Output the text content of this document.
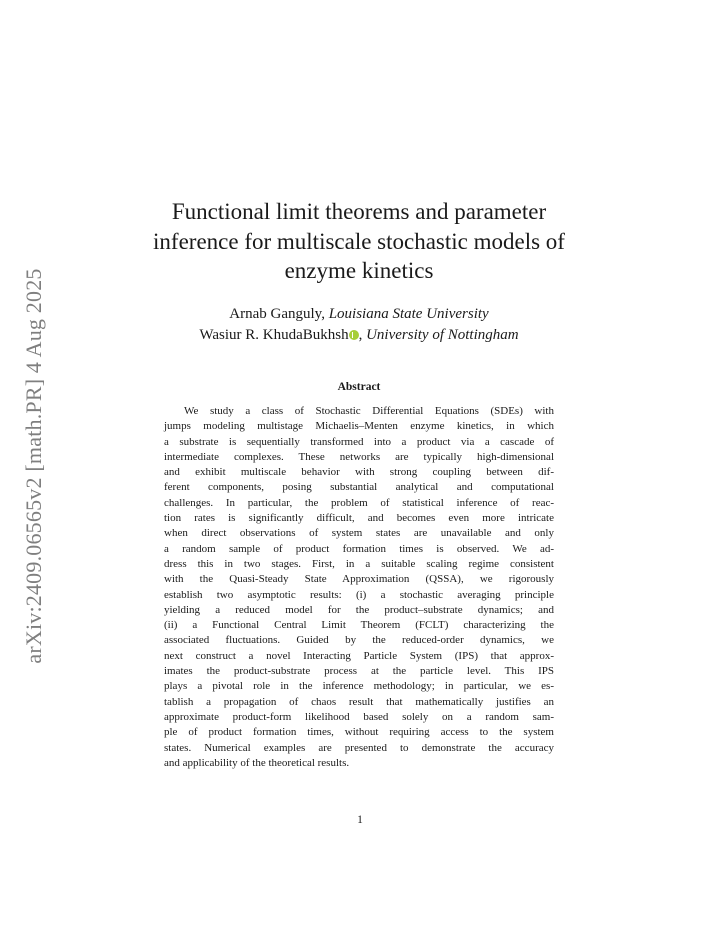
arXiv:2409.06565v2 [math.PR] 4 Aug 2025
Functional limit theorems and parameter
inference for multiscale stochastic models of
enzyme kinetics
Arnab Ganguly, Louisiana State University
Wasiur R. KhudaBukhsh , University of Nottingham
Abstract
We study a class of Stochastic Differential Equations (SDEs) with
jumps modeling multistage Michaelis–Menten enzyme kinetics, in which
a substrate is sequentially transformed into a product via a cascade of
intermediate complexes. These networks are typically high-dimensional
and exhibit multiscale behavior with strong coupling between dif-
ferent components, posing substantial analytical and computational
challenges. In particular, the problem of statistical inference of reac-
tion rates is significantly difficult, and becomes even more intricate
when direct observations of system states are unavailable and only
a random sample of product formation times is observed. We ad-
dress this in two stages. First, in a suitable scaling regime consistent
with the Quasi-Steady State Approximation (QSSA), we rigorously
establish two asymptotic results: (i) a stochastic averaging principle
yielding a reduced model for the product–substrate dynamics; and
(ii) a Functional Central Limit Theorem (FCLT) characterizing the
associated fluctuations. Guided by the reduced-order dynamics, we
next construct a novel Interacting Particle System (IPS) that approx-
imates the product-substrate process at the particle level. This IPS
plays a pivotal role in the inference methodology; in particular, we es-
tablish a propagation of chaos result that mathematically justifies an
approximate product-form likelihood based solely on a random sam-
ple of product formation times, without requiring access to the system
states. Numerical examples are presented to demonstrate the accuracy
and applicability of the theoretical results.
1
